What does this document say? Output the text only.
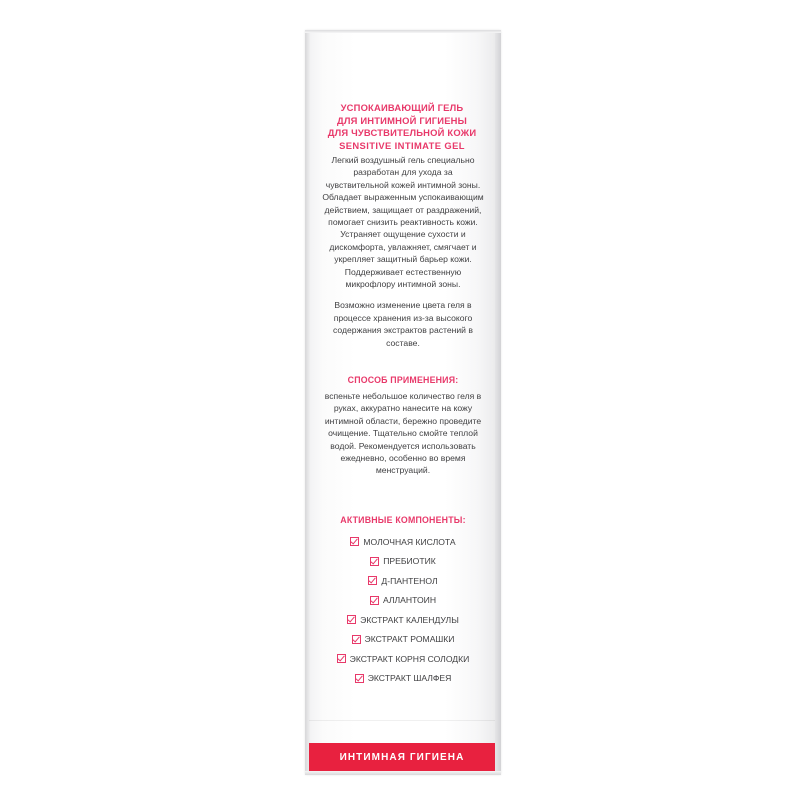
УСПОКАИВАЮЩИЙ ГЕЛЬ
ДЛЯ ИНТИМНОЙ ГИГИЕНЫ
ДЛЯ ЧУВСТВИТЕЛЬНОЙ КОЖИ
SENSITIVE INTIMATE GEL

Легкий воздушный гель специально разработан для ухода за чувствительной кожей интимной зоны. Обладает выраженным успокаивающим действием, защищает от раздражений, помогает снизить реактивность кожи. Устраняет ощущение сухости и дискомфорта, увлажняет, смягчает и укрепляет защитный барьер кожи. Поддерживает естественную микрофлору интимной зоны.

Возможно изменение цвета геля в процессе хранения из-за высокого содержания экстрактов растений в составе.

СПОСОБ ПРИМЕНЕНИЯ:
вспеньте небольшое количество геля в руках, аккуратно нанесите на кожу интимной области, бережно проведите очищение. Тщательно смойте теплой водой. Рекомендуется использовать ежедневно, особенно во время менструаций.
АКТИВНЫЕ КОМПОНЕНТЫ:
МОЛОЧНАЯ КИСЛОТА
ПРЕБИОТИК
Д-ПАНТЕНОЛ
АЛЛАНТОИН
ЭКСТРАКТ КАЛЕНДУЛЫ
ЭКСТРАКТ РОМАШКИ
ЭКСТРАКТ КОРНЯ СОЛОДКИ
ЭКСТРАКТ ШАЛФЕЯ
ИНТИМНАЯ ГИГИЕНА
